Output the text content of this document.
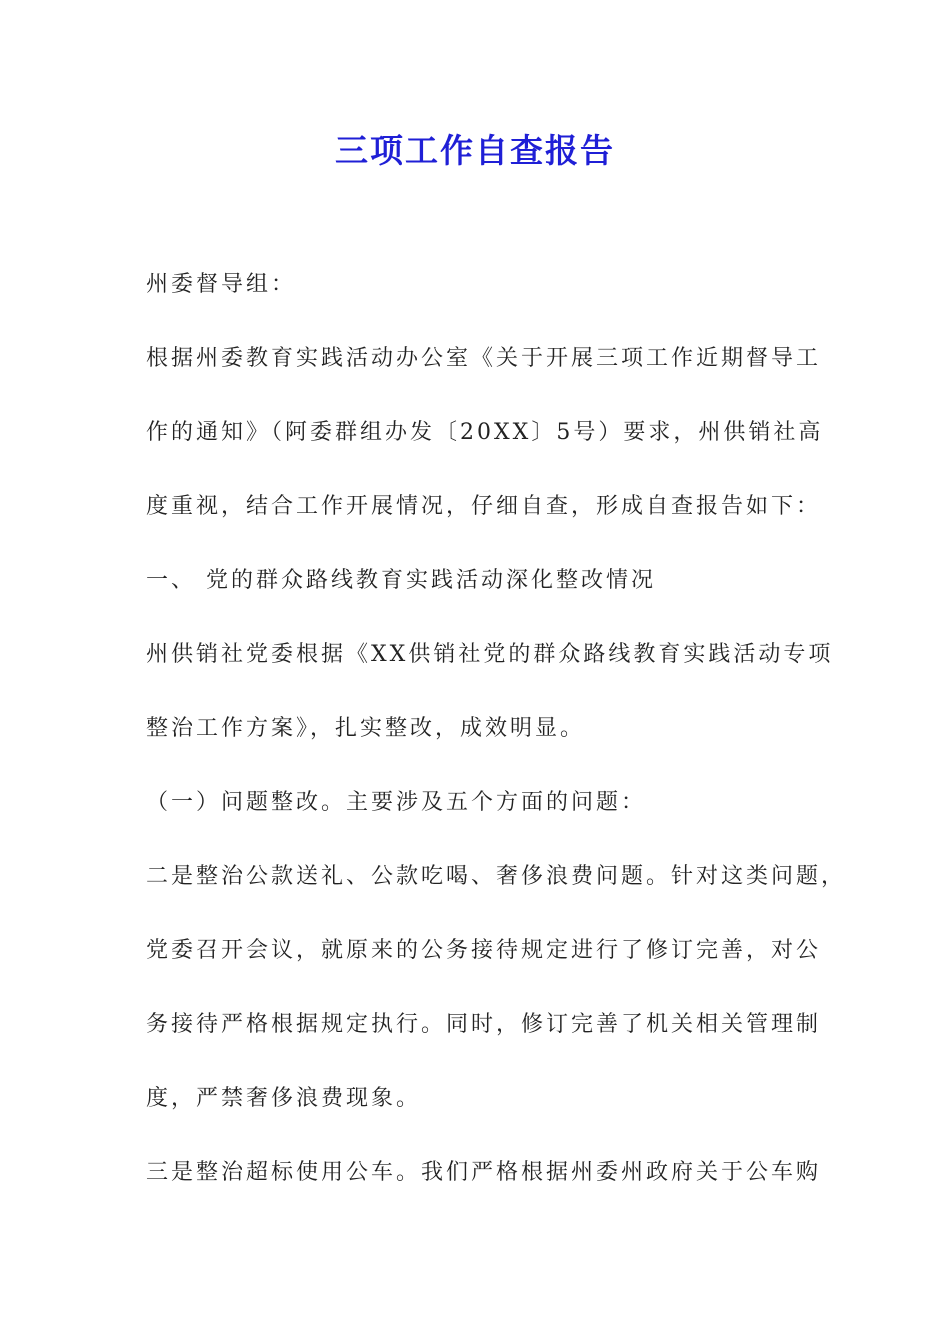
三项工作自查报告
州委督导组：
根据州委教育实践活动办公室《关于开展三项工作近期督导工
作的通知》（阿委群组办发〔20XX〕5号）要求，州供销社高
度重视，结合工作开展情况，仔细自查，形成自查报告如下：
一、 党的群众路线教育实践活动深化整改情况
州供销社党委根据《XX供销社党的群众路线教育实践活动专项
整治工作方案》，扎实整改，成效明显。
（一）问题整改。主要涉及五个方面的问题：
二是整治公款送礼、公款吃喝、奢侈浪费问题。针对这类问题，
党委召开会议，就原来的公务接待规定进行了修订完善，对公
务接待严格根据规定执行。同时，修订完善了机关相关管理制
度，严禁奢侈浪费现象。
三是整治超标使用公车。我们严格根据州委州政府关于公车购
